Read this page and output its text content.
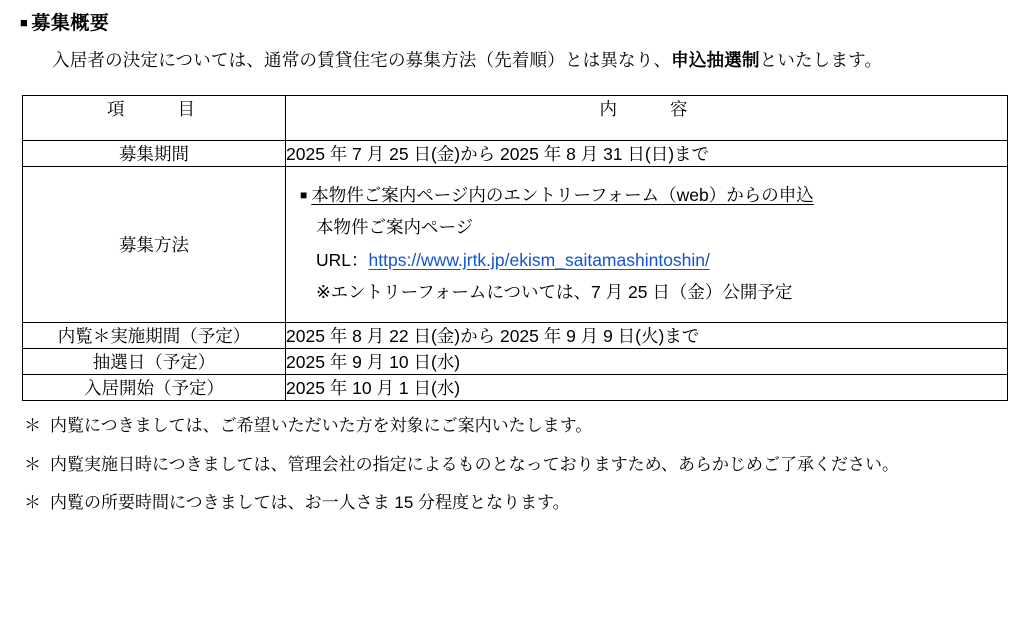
■ 募集概要

入居者の決定については、通常の賃貸住宅の募集方法（先着順）とは異なり、申込抽選制といたします。

項　　目	内　　容

募集期間	2025 年 7 月 25 日(金)から 2025 年 8 月 31 日(日)まで
募集方法	■ 本物件ご案内ページ内のエントリーフォーム（web）からの申込
本物件ご案内ページ
URL：https://www.jrtk.jp/ekism_saitamashintoshin/
※エントリーフォームについては、7 月 25 日（金）公開予定

内覧＊実施期間（予定）	2025 年 8 月 22 日(金)から 2025 年 9 月 9 日(火)まで
抽選日（予定）	2025 年 9 月 10 日(水)
入居開始（予定）	2025 年 10 月 1 日(水)
＊ 内覧につきましては、ご希望いただいた方を対象にご案内いたします。
＊ 内覧実施日時につきましては、管理会社の指定によるものとなっておりますため、あらかじめご了承ください。
＊ 内覧の所要時間につきましては、お一人さま 15 分程度となります。
